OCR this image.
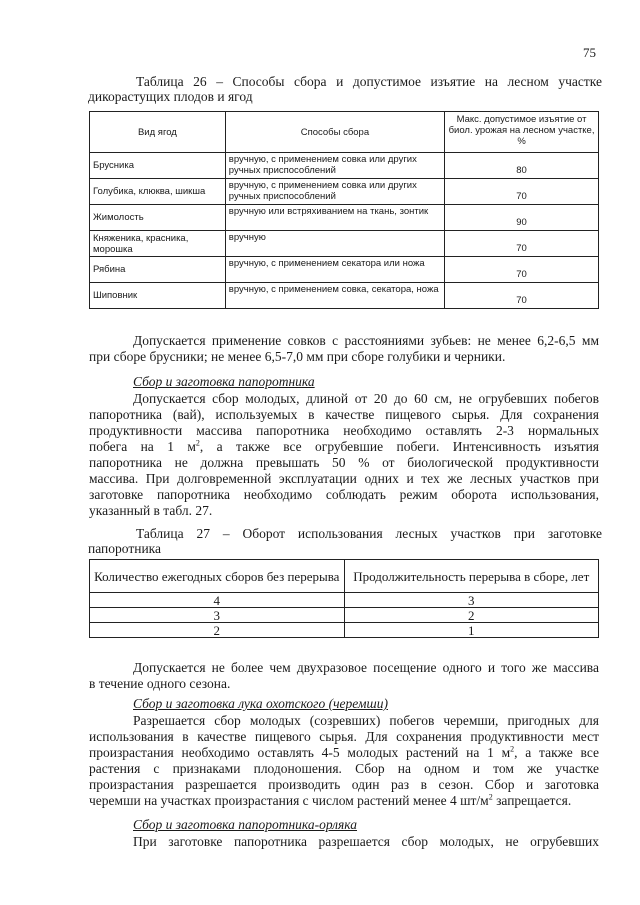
75
Таблица 26 – Способы сбора и допустимое изъятие на лесном участке
дикорастущих плодов и ягод
Вид ягод	Способы сбора	Макс. допустимое изъятие от биол. урожая на лесном участке, %
Брусника	вручную, с применением совка или других ручных приспособлений	80
Голубика, клюква, шикша	вручную, с применением совка или других ручных приспособлений	70
Жимолость	вручную или встряхиванием на ткань, зонтик	90
Княженика, красника, морошка	вручную	70
Рябина	вручную, с применением секатора или ножа	70
Шиповник	вручную, с применением совка, секатора, ножа	70
Допускается применение совков с расстояниями зубьев: не менее 6,2-6,5 мм
при сборе брусники; не менее 6,5-7,0 мм при сборе голубики и черники.
Сбор и заготовка папоротника
Допускается сбор молодых, длиной от 20 до 60 см, не огрубевших побегов
папоротника (вай), используемых в качестве пищевого сырья. Для сохранения
продуктивности массива папоротника необходимо оставлять 2-3 нормальных
побега на 1 $м^2$, а также все огрубевшие побеги. Интенсивность изъятия
папоротника не должна превышать 50 % от биологической продуктивности
массива. При долговременной эксплуатации одних и тех же лесных участков при
заготовке папоротника необходимо соблюдать режим оборота использования,
указанный в табл. 27.
Таблица 27 – Оборот использования лесных участков при заготовке
папоротника
Количество ежегодных сборов без перерыва	Продолжительность перерыва в сборе, лет
4	3
3	2
2	1
Допускается не более чем двухразовое посещение одного и того же массива
в течение одного сезона.
Сбор и заготовка лука охотского (черемши)
Разрешается сбор молодых (созревших) побегов черемши, пригодных для
использования в качестве пищевого сырья. Для сохранения продуктивности мест
произрастания необходимо оставлять 4-5 молодых растений на 1 $м^2$, а также все
растения с признаками плодоношения. Сбор на одном и том же участке
произрастания разрешается производить один раз в сезон. Сбор и заготовка
черемши на участках произрастания с числом растений менее 4 $шт/м^2$ запрещается.
Сбор и заготовка папоротника-орляка
При заготовке папоротника разрешается сбор молодых, не огрубевших
